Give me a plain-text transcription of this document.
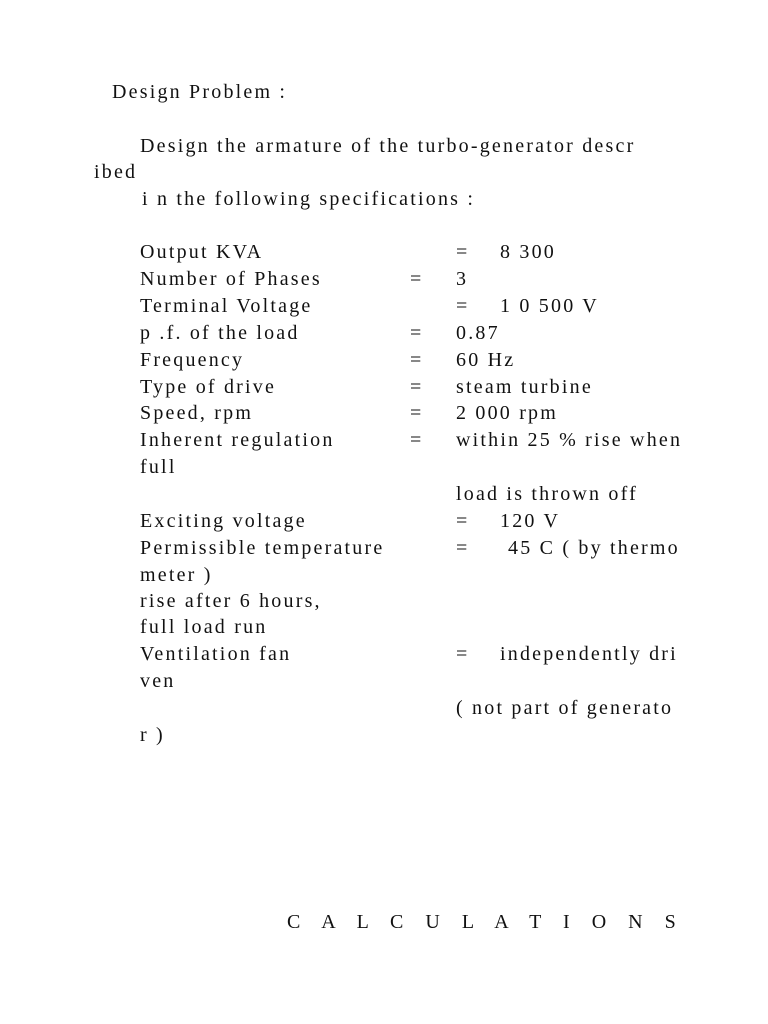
Design Problem :
Design the armature of the turbo-generator descr
ibed
i n the following specifications :
Output KVA	= 8 300
Number of Phases	= 3
Terminal Voltage	= 1 0 500 V
p .f. of the load	= 0.87
Frequency	= 60 Hz
Type of drive	= steam turbine
Speed, rpm	= 2 000 rpm
Inherent regulation	= within 25 % rise when
full
load is thrown off
Exciting voltage	= 120 V
Permissible temperature	= 45 C ( by thermo
meter )
rise after 6 hours,
full load run
Ventilation fan	= independently dri
ven
( not part of generato
r )
C A L C U L A T I O N S
